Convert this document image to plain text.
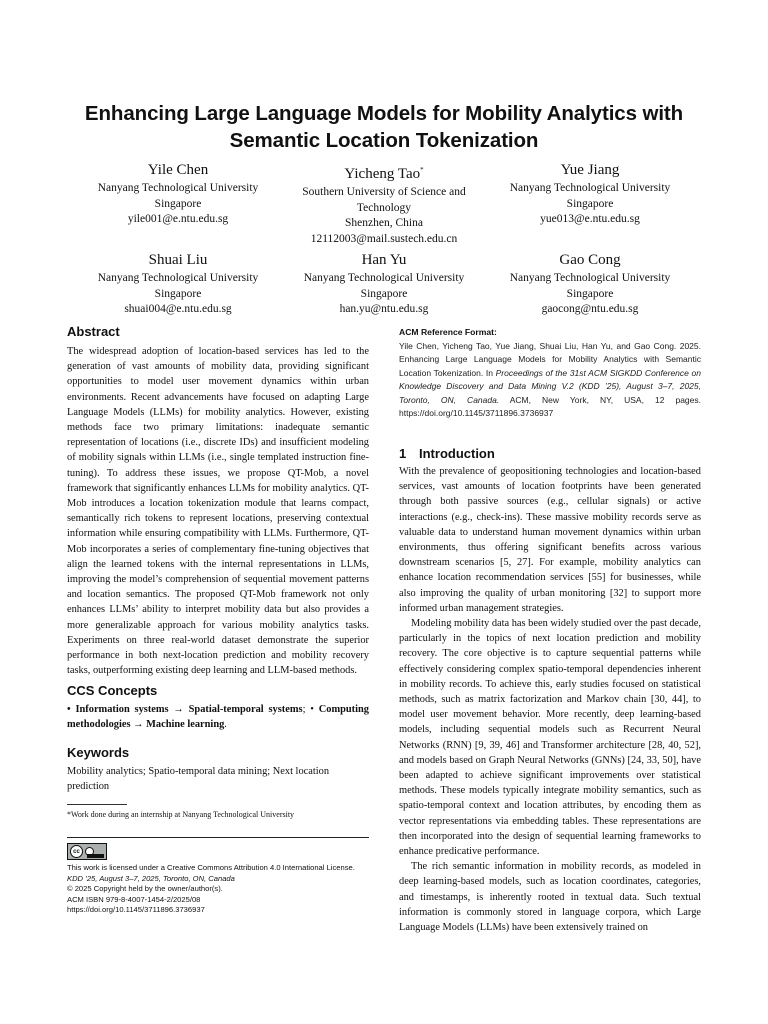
Enhancing Large Language Models for Mobility Analytics with
Semantic Location Tokenization
Yile Chen
Nanyang Technological University
Singapore
yile001@e.ntu.edu.sg
Yicheng Tao*
Southern University of Science and
Technology
Shenzhen, China
12112003@mail.sustech.edu.cn
Yue Jiang
Nanyang Technological University
Singapore
yue013@e.ntu.edu.sg
Shuai Liu
Nanyang Technological University
Singapore
shuai004@e.ntu.edu.sg
Han Yu
Nanyang Technological University
Singapore
han.yu@ntu.edu.sg
Gao Cong
Nanyang Technological University
Singapore
gaocong@ntu.edu.sg
Abstract

The widespread adoption of location-based services has led to the generation of vast amounts of mobility data, providing significant opportunities to model user movement dynamics within urban environments. Recent advancements have focused on adapting Large Language Models (LLMs) for mobility analytics. However, existing methods face two primary limitations: inadequate semantic representation of locations (i.e., discrete IDs) and insufficient modeling of mobility signals within LLMs (i.e., single templated instruction fine-tuning). To address these issues, we propose QT-Mob, a novel framework that significantly enhances LLMs for mobility analytics. QT-Mob introduces a location tokenization module that learns compact, semantically rich tokens to represent locations, preserving contextual information while ensuring compatibility with LLMs. Furthermore, QT-Mob incorporates a series of complementary fine-tuning objectives that align the learned tokens with the internal representations in LLMs, improving the model’s comprehension of sequential movement patterns and location semantics. The proposed QT-Mob framework not only enhances LLMs’ ability to interpret mobility data but also provides a more generalizable approach for various mobility analytics tasks. Experiments on three real-world dataset demonstrate the superior performance in both next-location prediction and mobility recovery tasks, outperforming existing deep learning and LLM-based methods.

CCS Concepts
• Information systems → Spatial-temporal systems; • Computing methodologies → Machine learning.
Keywords

Mobility analytics; Spatio-temporal data mining; Next location prediction

*Work done during an internship at Nanyang Technological University
cc
This work is licensed under a Creative Commons Attribution 4.0 International License.
KDD ’25, August 3–7, 2025, Toronto, ON, Canada
© 2025 Copyright held by the owner/author(s).
ACM ISBN 979-8-4007-1454-2/2025/08
https://doi.org/10.1145/3711896.3736937
ACM Reference Format:
Yile Chen, Yicheng Tao, Yue Jiang, Shuai Liu, Han Yu, and Gao Cong. 2025. Enhancing Large Language Models for Mobility Analytics with Semantic Location Tokenization. In Proceedings of the 31st ACM SIGKDD Conference on Knowledge Discovery and Data Mining V.2 (KDD ’25), August 3–7, 2025, Toronto, ON, Canada. ACM, New York, NY, USA, 12 pages. https://doi.org/10.1145/3711896.3736937
1 Introduction

With the prevalence of geopositioning technologies and location-based services, vast amounts of location footprints have been generated through both passive sources (e.g., cellular signals) or active interactions (e.g., check-ins). These massive mobility records serve as valuable data to understand human movement dynamics within urban environments, thus offering significant benefits across various downstream scenarios [5, 27]. For example, mobility analytics can enhance location recommendation services [55] for businesses, while also improving the quality of urban monitoring [32] to support more informed urban management strategies.

Modeling mobility data has been widely studied over the past decade, particularly in the topics of next location prediction and mobility recovery. The core objective is to capture sequential patterns while effectively considering complex spatio-temporal dependencies inherent in mobility records. To achieve this, early studies focused on statistical methods, such as matrix factorization and Markov chain [30, 44], to model user movement behavior. More recently, deep learning-based models, including sequential models such as Recurrent Neural Networks (RNN) [9, 39, 46] and Transformer architecture [28, 40, 52], and models based on Graph Neural Networks (GNNs) [24, 33, 50], have been adapted to achieve significant improvements over statistical methods. These models typically integrate mobility semantics, such as spatio-temporal context and location attributes, by encoding them as vector representations via embedding tables. These representations are then incorporated into the design of sequential learning frameworks to enhance predicative performance.

The rich semantic information in mobility records, as modeled in deep learning-based models, such as location coordinates, categories, and timestamps, is inherently rooted in textual data. Such textual information is commonly stored in language corpora, which Large Language Models (LLMs) have been extensively trained on
